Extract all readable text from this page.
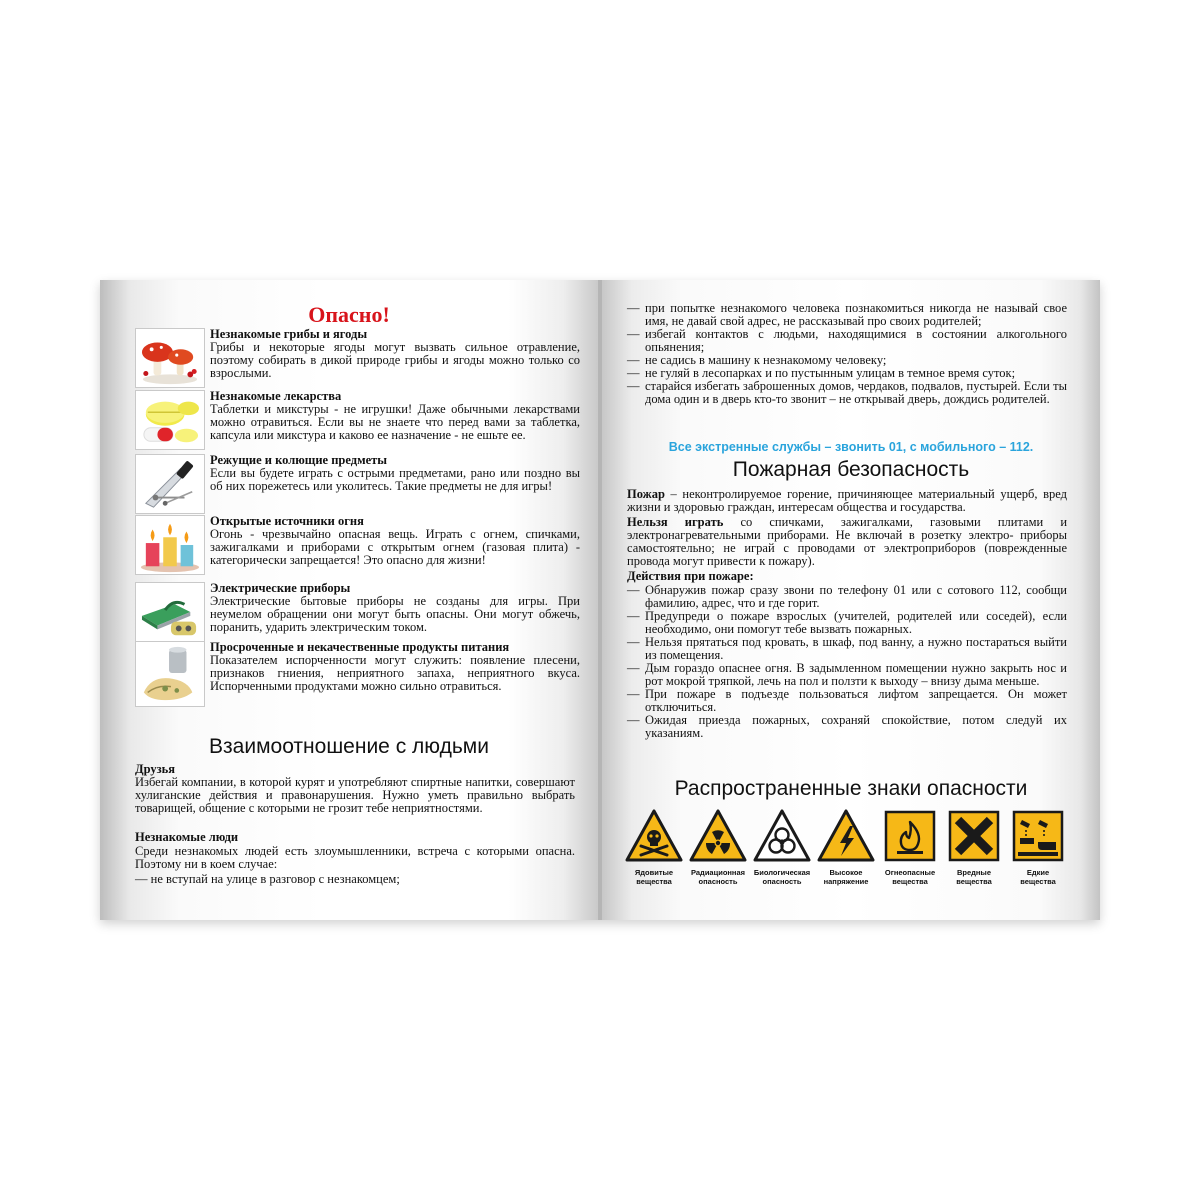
Опасно!
Незнакомые грибы и ягоды
Грибы и некоторые ягоды могут вызвать сильное отравление, поэтому собирать в дикой природе грибы и ягоды можно только со взрослыми.
Незнакомые лекарства
Таблетки и микстуры - не игрушки! Даже обычными лекарствами можно отравиться. Если вы не знаете что перед вами за таблетка, капсула или микстура и каково ее назначение - не ешьте ее.
Режущие и колющие предметы
Если вы будете играть с острыми предметами, рано или поздно вы об них порежетесь или уколитесь. Такие предметы не для игры!
Открытые источники огня
Огонь - чрезвычайно опасная вещь. Играть с огнем, спичками, зажигалками и приборами с открытым огнем (газовая плита) - категорически запрещается! Это опасно для жизни!
Электрические приборы
Электрические бытовые приборы не созданы для игры. При неумелом обращении они могут быть опасны. Они могут обжечь, поранить, ударить электрическим током.
Просроченные и некачественные продукты питания
Показателем испорченности могут служить: появление плесени, признаков гниения, неприятного запаха, неприятного вкуса. Испорченными продуктами можно сильно отравиться.
Взаимоотношение с людьми
Друзья
Избегай компании, в которой курят и употребляют спиртные напитки, совершают хулиганские действия и правонарушения. Нужно уметь правильно выбрать товарищей, общение с которыми не грозит тебе неприятностями.
Незнакомые люди
Среди незнакомых людей есть злоумышленники, встреча с которыми опасна. Поэтому ни в коем случае:
— не вступай на улице в разговор с незнакомцем;
— при попытке незнакомого человека познакомиться никогда не называй свое имя, не давай свой адрес, не рассказывай про своих родителей;
— избегай контактов с людьми, находящимися в состоянии алкогольного опьянения;
— не садись в машину к незнакомому человеку;
— не гуляй в лесопарках и по пустынным улицам в темное время суток;
— старайся избегать заброшенных домов, чердаков, подвалов, пустырей. Если ты дома один и в дверь кто-то звонит – не открывай дверь, дождись родителей.
Все экстренные службы – звонить 01, с мобильного – 112.
Пожарная безопасность
Пожар – неконтролируемое горение, причиняющее материальный ущерб, вред жизни и здоровью граждан, интересам общества и государства.
Нельзя играть со спичками, зажигалками, газовыми плитами и электронагревательными приборами. Не включай в розетку электро- приборы самостоятельно; не играй с проводами от электроприборов (поврежденные провода могут привести к пожару).
Действия при пожаре:
— Обнаружив пожар сразу звони по телефону 01 или с сотового 112, сообщи фамилию, адрес, что и где горит.
— Предупреди о пожаре взрослых (учителей, родителей или соседей), если необходимо, они помогут тебе вызвать пожарных.
— Нельзя прятаться под кровать, в шкаф, под ванну, а нужно постараться выйти из помещения.
— Дым гораздо опаснее огня. В задымленном помещении нужно закрыть нос и рот мокрой тряпкой, лечь на пол и ползти к выходу – внизу дыма меньше.
— При пожаре в подъезде пользоваться лифтом запрещается. Он может отключиться.
— Ожидая приезда пожарных, сохраняй спокойствие, потом следуй их указаниям.
Распространенные знаки опасности
Ядовитые
вещества
Радиационная
опасность
Биологическая
опасность
Высокое
напряжение
Огнеопасные
вещества
Вредные
вещества
Едкие
вещества
